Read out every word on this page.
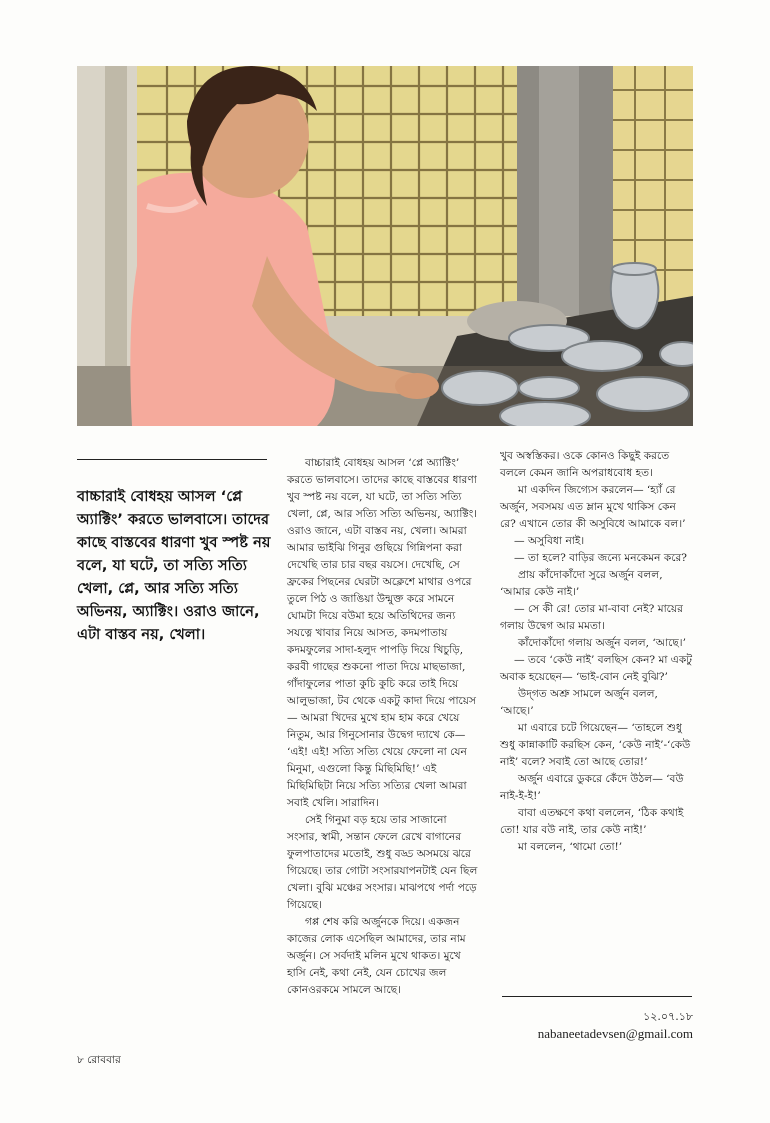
বাচ্চারাই বোধহয় আসল ‘প্লে অ্যাক্টিং’ করতে ভালবাসে। তাদের কাছে বাস্তবের ধারণা খুব স্পষ্ট নয় বলে, যা ঘটে, তা সত্যি সত্যি খেলা, প্লে, আর সত্যি সত্যি অভিনয়, অ্যাক্টিং। ওরাও জানে, এটা বাস্তব নয়, খেলা।

বাচ্চারাই বোধহয় আসল ‘প্লে অ্যাক্টিং’ করতে ভালবাসে। তাদের কাছে বাস্তবের ধারণা খুব স্পষ্ট নয় বলে, যা ঘটে, তা সত্যি সত্যি খেলা, প্লে, আর সত্যি সত্যি অভিনয়, অ্যাক্টিং। ওরাও জানে, এটা বাস্তব নয়, খেলা। আমরা আমার ভাইঝি গিনুর গুছিয়ে গিন্নিপনা করা দেখেছি তার চার বছর বয়সে। দেখেছি, সে ফ্রকের পিছনের ঘেরটা অক্লেশে মাথার ওপরে তুলে পিঠ ও জাঙিয়া উন্মুক্ত করে সামনে ঘোমটা দিয়ে বউমা হয়ে অতিথিদের জন্য সযত্নে খাবার নিয়ে আসত, কদমপাতায় কদমফুলের সাদা-হলুদ পাপড়ি দিয়ে খিচুড়ি, করবী গাছের শুকনো পাতা দিয়ে মাছভাজা, গাঁদাফুলের পাতা কুচি কুচি করে তাই দিয়ে আলুভাজা, টব থেকে একটু কাদা দিয়ে পায়েস— আমরা খিদের মুখে হাম হাম করে খেয়ে নিতুম, আর গিনুসোনার উদ্বেগ দ্যাখে কে— ‘এই! এই! সত্যি সত্যি খেয়ে ফেলো না যেন মিনুমা, এগুলো কিন্তু মিছিমিছি!’ এই মিছিমিছিটা নিয়ে সত্যি সত্যির খেলা আমরা সবাই খেলি। সারাদিন।

সেই গিনুমা বড় হয়ে তার সাজানো সংসার, স্বামী, সন্তান ফেলে রেখে বাগানের ফুলপাতাদের মতোই, শুধু বড্ড অসময়ে ঝরে গিয়েছে। তার গোটা সংসারযাপনটাই যেন ছিল খেলা। বুঝি মঞ্চের সংসার। মাঝপথে পর্দা পড়ে গিয়েছে।

গপ্প শেষ করি অর্জুনকে দিয়ে। একজন কাজের লোক এসেছিল আমাদের, তার নাম অর্জুন। সে সর্বদাই মলিন মুখে থাকত। মুখে হাসি নেই, কথা নেই, যেন চোখের জল কোনওরকমে সামলে আছে।

খুব অস্বস্তিকর। ওকে কোনও কিছুই করতে বললে কেমন জানি অপরাধবোধ হত।

মা একদিন জিগ্যেস করলেন— ‘হ্যাঁ রে অর্জুন, সবসময় এত ম্লান মুখে থাকিস কেন রে? এখানে তোর কী অসুবিধে আমাকে বল।’

— অসুবিধা নাই।

— তা হলে? বাড়ির জন্যে মনকেমন করে?

প্রায় কাঁদোকাঁদো সুরে অর্জুন বলল, ‘আমার কেউ নাই।’

— সে কী রে! তোর মা-বাবা নেই? মায়ের গলায় উদ্বেগ আর মমতা।

কাঁদোকাঁদো গলায় অর্জুন বলল, ‘আছে।’

— তবে ‘কেউ নাই’ বলছিস কেন? মা একটু অবাক হয়েছেন— ‘ভাই-বোন নেই বুঝি?’

উদ্‌গত অশ্রু সামলে অর্জুন বলল, ‘আছে।’

মা এবারে চটে গিয়েছেন— ‘তাহলে শুধু শুধু কান্নাকাটি করছিস কেন, ‘কেউ নাই’-‘কেউ নাই’ বলে? সবাই তো আছে তোর!’

অর্জুন এবারে ডুকরে কেঁদে উঠল— ‘বউ নাই-ই-ই!’

বাবা এতক্ষণে কথা বললেন, ‘ঠিক কথাই তো! যার বউ নাই, তার কেউ নাই!’

মা বললেন, ‘থামো তো!’

১২.০৭.১৮
nabaneetadevsen@gmail.com
৮ রোববার
